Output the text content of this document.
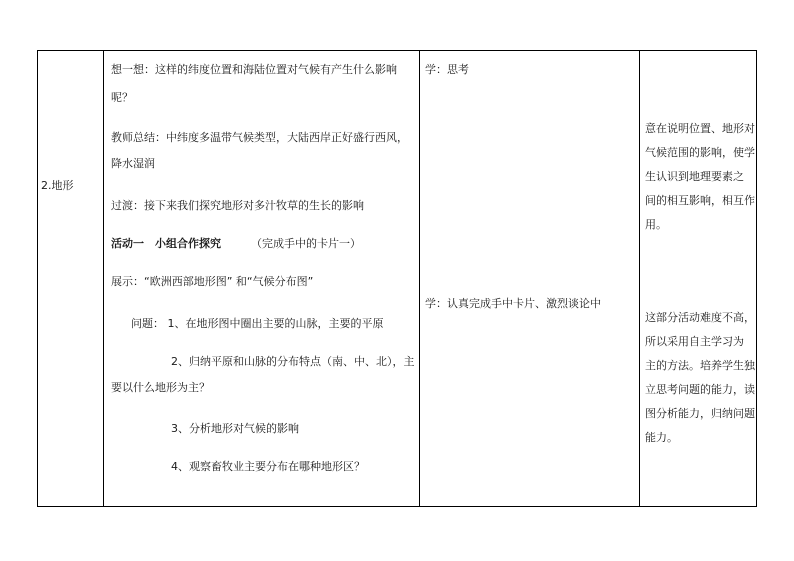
2.地形
想一想：这样的纬度位置和海陆位置对气候有产生什么影响
呢？
教师总结：中纬度多温带气候类型，大陆西岸正好盛行西风，
降水湿润
过渡：接下来我们探究地形对多汁牧草的生长的影响
活动一　小组合作探究	（完成手中的卡片一）
展示：“欧洲西部地形图” 和“气候分布图”
问题： 1、在地形图中圈出主要的山脉，主要的平原
2、归纳平原和山脉的分布特点（南、中、北），主
要以什么地形为主？
3、分析地形对气候的影响
4、观察畜牧业主要分布在哪种地形区？
学：思考
学：认真完成手中卡片、激烈谈论中
意在说明位置、地形对
气候范围的影响，使学
生认识到地理要素之
间的相互影响，相互作
用。
这部分活动难度不高，
所以采用自主学习为
主的方法。培养学生独
立思考问题的能力，读
图分析能力，归纳问题
能力。
